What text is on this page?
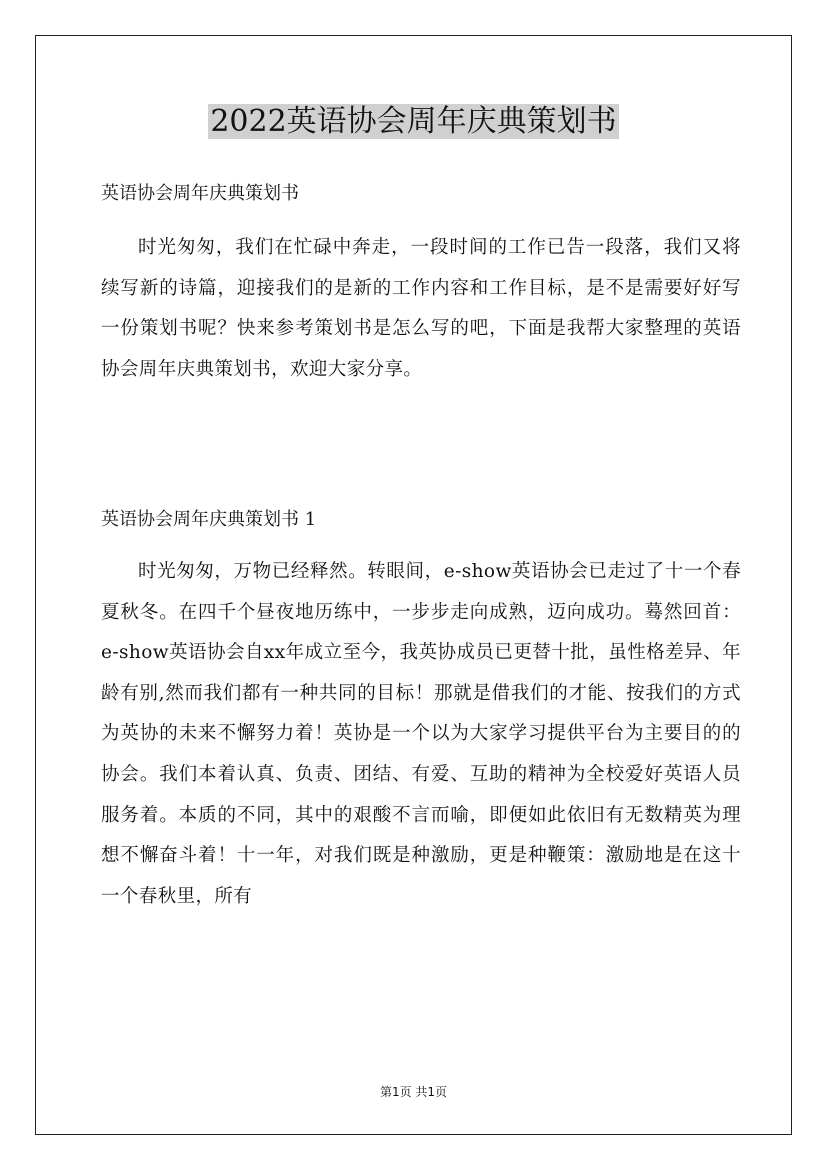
2022英语协会周年庆典策划书

英语协会周年庆典策划书

时光匆匆，我们在忙碌中奔走，一段时间的工作已告一段落，我们又将续写新的诗篇，迎接我们的是新的工作内容和工作目标，是不是需要好好写一份策划书呢？快来参考策划书是怎么写的吧，下面是我帮大家整理的英语协会周年庆典策划书，欢迎大家分享。

英语协会周年庆典策划书 1

时光匆匆，万物已经释然。转眼间，e-show英语协会已走过了十一个春夏秋冬。在四千个昼夜地历练中，一步步走向成熟，迈向成功。蓦然回首：e-show英语协会自xx年成立至今，我英协成员已更替十批，虽性格差异、年龄有别,然而我们都有一种共同的目标！那就是借我们的才能、按我们的方式为英协的未来不懈努力着！英协是一个以为大家学习提供平台为主要目的的协会。我们本着认真、负责、团结、有爱、互助的精神为全校爱好英语人员服务着。本质的不同，其中的艰酸不言而喻，即便如此依旧有无数精英为理想不懈奋斗着！十一年，对我们既是种激励，更是种鞭策：激励地是在这十一个春秋里，所有

第1页 共1页
